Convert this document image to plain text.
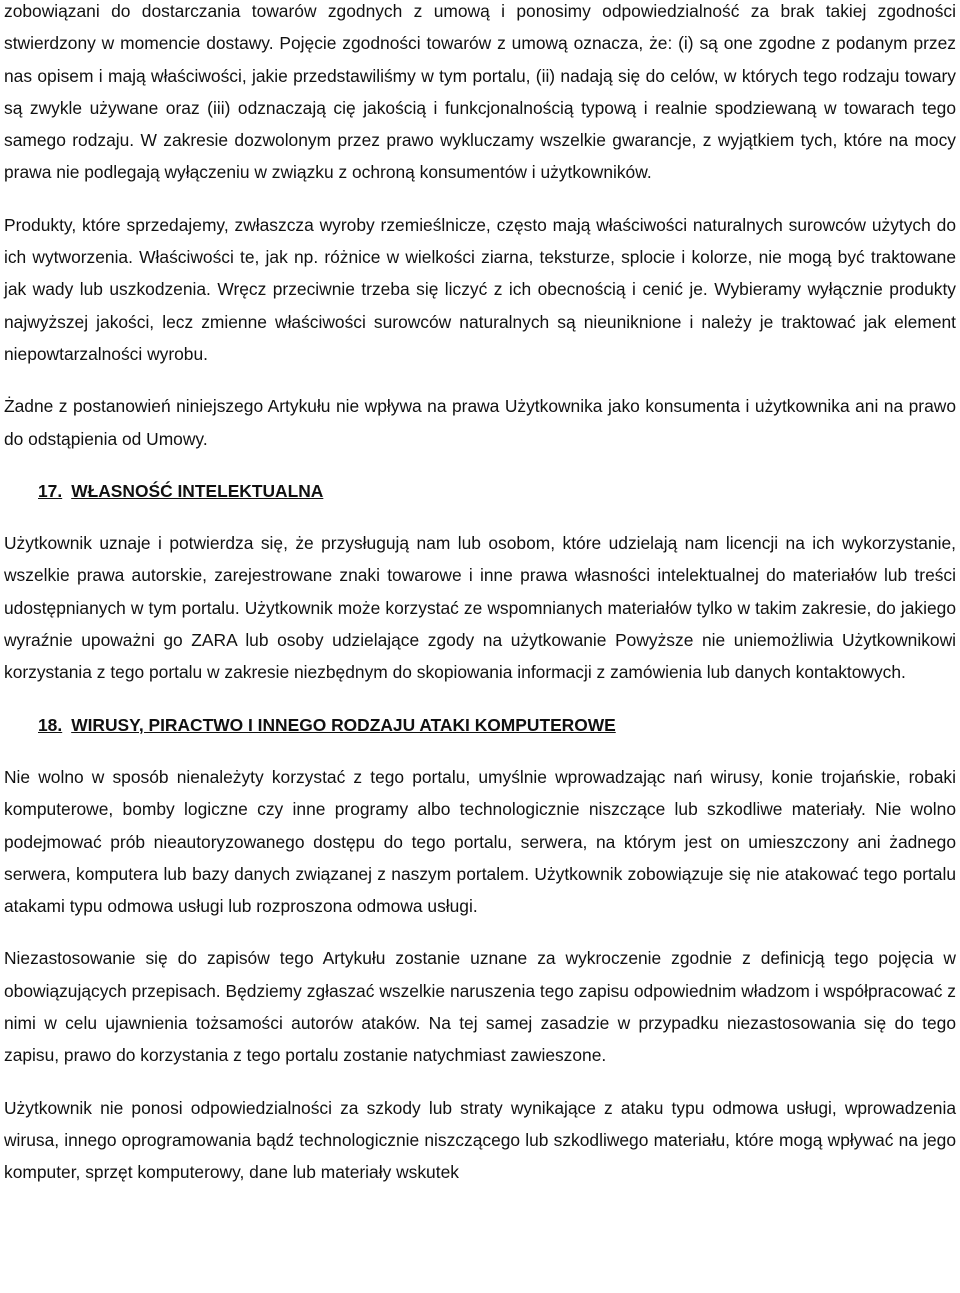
zobowiązani do dostarczania towarów zgodnych z umową i ponosimy odpowiedzialność za brak takiej zgodności stwierdzony w momencie dostawy. Pojęcie zgodności towarów z umową oznacza, że: (i) są one zgodne z podanym przez nas opisem i mają właściwości, jakie przedstawiliśmy w tym portalu, (ii) nadają się do celów, w których tego rodzaju towary są zwykle używane oraz (iii) odznaczają cię jakością i funkcjonalnością typową i realnie spodziewaną w towarach tego samego rodzaju. W zakresie dozwolonym przez prawo wykluczamy wszelkie gwarancje, z wyjątkiem tych, które na mocy prawa nie podlegają wyłączeniu w związku z ochroną konsumentów i użytkowników.

Produkty, które sprzedajemy, zwłaszcza wyroby rzemieślnicze, często mają właściwości naturalnych surowców użytych do ich wytworzenia. Właściwości te, jak np. różnice w wielkości ziarna, teksturze, splocie i kolorze, nie mogą być traktowane jak wady lub uszkodzenia. Wręcz przeciwnie trzeba się liczyć z ich obecnością i cenić je. Wybieramy wyłącznie produkty najwyższej jakości, lecz zmienne właściwości surowców naturalnych są nieuniknione i należy je traktować jak element niepowtarzalności wyrobu.

Żadne z postanowień niniejszego Artykułu nie wpływa na prawa Użytkownika jako konsumenta i użytkownika ani na prawo do odstąpienia od Umowy.

17. WŁASNOŚĆ INTELEKTUALNA

Użytkownik uznaje i potwierdza się, że przysługują nam lub osobom, które udzielają nam licencji na ich wykorzystanie, wszelkie prawa autorskie, zarejestrowane znaki towarowe i inne prawa własności intelektualnej do materiałów lub treści udostępnianych w tym portalu. Użytkownik może korzystać ze wspomnianych materiałów tylko w takim zakresie, do jakiego wyraźnie upoważni go ZARA lub osoby udzielające zgody na użytkowanie Powyższe nie uniemożliwia Użytkownikowi korzystania z tego portalu w zakresie niezbędnym do skopiowania informacji z zamówienia lub danych kontaktowych.

18. WIRUSY, PIRACTWO I INNEGO RODZAJU ATAKI KOMPUTEROWE

Nie wolno w sposób nienależyty korzystać z tego portalu, umyślnie wprowadzając nań wirusy, konie trojańskie, robaki komputerowe, bomby logiczne czy inne programy albo technologicznie niszczące lub szkodliwe materiały. Nie wolno podejmować prób nieautoryzowanego dostępu do tego portalu, serwera, na którym jest on umieszczony ani żadnego serwera, komputera lub bazy danych związanej z naszym portalem. Użytkownik zobowiązuje się nie atakować tego portalu atakami typu odmowa usługi lub rozproszona odmowa usługi.

Niezastosowanie się do zapisów tego Artykułu zostanie uznane za wykroczenie zgodnie z definicją tego pojęcia w obowiązujących przepisach. Będziemy zgłaszać wszelkie naruszenia tego zapisu odpowiednim władzom i współpracować z nimi w celu ujawnienia tożsamości autorów ataków. Na tej samej zasadzie w przypadku niezastosowania się do tego zapisu, prawo do korzystania z tego portalu zostanie natychmiast zawieszone.

Użytkownik nie ponosi odpowiedzialności za szkody lub straty wynikające z ataku typu odmowa usługi, wprowadzenia wirusa, innego oprogramowania bądź technologicznie niszczącego lub szkodliwego materiału, które mogą wpływać na jego komputer, sprzęt komputerowy, dane lub materiały wskutek
